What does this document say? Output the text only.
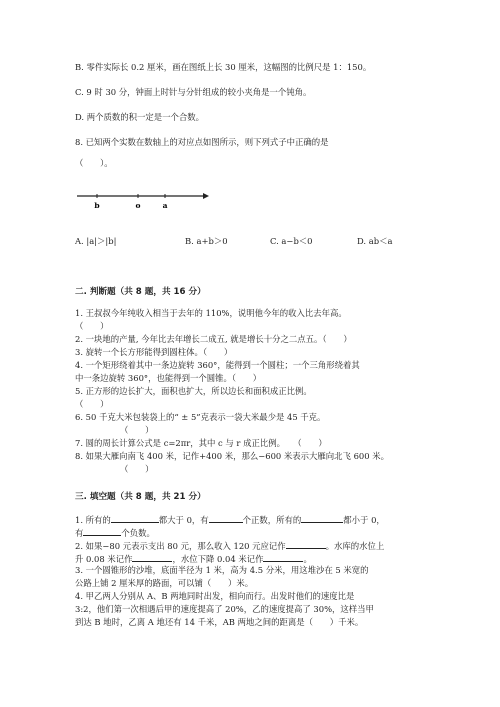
B. 零件实际长 0.2 厘米，画在图纸上长 30 厘米，这幅图的比例尺是 1：150。
C. 9 时 30 分，钟面上时针与分针组成的较小夹角是一个钝角。
D. 两个质数的积一定是一个合数。
8. 已知两个实数在数轴上的对应点如图所示，则下列式子中正确的是
（　　）。
b	o	a
A. |a|＞|b|	B. a+b＞0	C. a−b＜0	D. ab＜a
二. 判断题（共 8 题，共 16 分）
1. 王叔叔今年纯收入相当于去年的 110%，说明他今年的收入比去年高。
（　　）
2. 一块地的产量, 今年比去年增长二成五, 就是增长十分之二点五。（　　）
3. 旋转一个长方形能得到圆柱体。（　　）
4. 一个矩形绕着其中一条边旋转 360°，能得到一个圆柱；一个三角形绕着其
中一条边旋转 360°，也能得到一个圆锥。（　　）
5. 正方形的边长扩大，面积也扩大，所以边长和面积成正比例。
（　　）
6. 50 千克大米包装袋上的“ ± 5”克表示一袋大米最少是 45 千克。
（　　）
7. 圆的周长计算公式是 c=2πr，其中 c 与 r 成正比例。　　（　　）
8. 如果大雁向南飞 400 米，记作+400 米，那么−600 米表示大雁向北飞 600 米。
（　　）
三. 填空题（共 8 题，共 21 分）
1. 所有的	都大于 0，有	个正数，所有的	都小于 0，
有	个负数。
2. 如果−80 元表示支出 80 元，那么收入 120 元应记作	。水库的水位上
升 0.08 米记作	，水位下降 0.04 米记作	。
3. 一个圆锥形的沙堆，底面半径为 1 米，高为 4.5 分米，用这堆沙在 5 米宽的
公路上铺 2 厘米厚的路面，可以铺（　　）米。
4. 甲乙两人分别从 A、B 两地同时出发，相向而行。出发时他们的速度比是
3:2，他们第一次相遇后甲的速度提高了 20%，乙的速度提高了 30%，这样当甲
到达 B 地时，乙离 A 地还有 14 千米，AB 两地之间的距离是（　　）千米。
